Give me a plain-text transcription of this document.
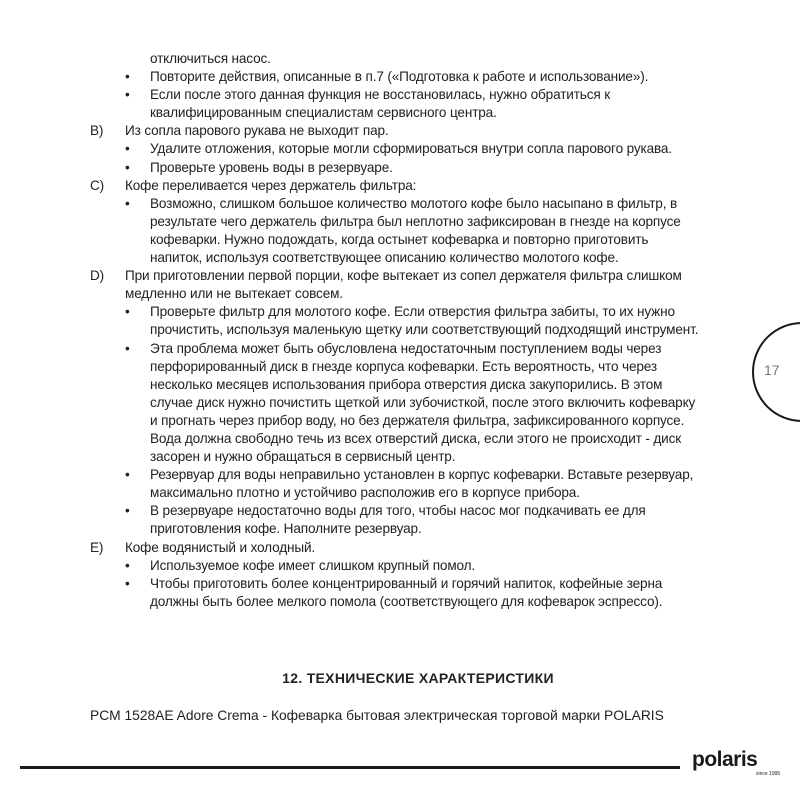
отключиться насос.

• Повторите действия, описанные в п.7 («Подготовка к работе и использование»).
• Если после этого данная функция не восстановилась, нужно обратиться к

квалифицированным специалистам сервисного центра.

B) Из сопла парового рукава не выходит пар.
• Удалите отложения, которые могли сформироваться внутри сопла парового рукава.
• Проверьте уровень воды в резервуаре.
C) Кофе переливается через держатель фильтра:
• Возможно, слишком большое количество молотого кофе было насыпано в фильтр, в

результате чего держатель фильтра был неплотно зафиксирован в гнезде на корпусе

кофеварки. Нужно подождать, когда остынет кофеварка и повторно приготовить

напиток, используя соответствующее описанию количество молотого кофе.

D) При приготовлении первой порции, кофе вытекает из сопел держателя фильтра слишком

медленно или не вытекает совсем.

• Проверьте фильтр для молотого кофе. Если отверстия фильтра забиты, то их нужно

прочистить, используя маленькую щетку или соответствующий подходящий инструмент.

• Эта проблема может быть обусловлена недостаточным поступлением воды через

перфорированный диск в гнезде корпуса кофеварки. Есть вероятность, что через

несколько месяцев использования прибора отверстия диска закупорились. В этом

случае диск нужно почистить щеткой или зубочисткой, после этого включить кофеварку

и прогнать через прибор воду, но без держателя фильтра, зафиксированного корпусе.

Вода должна свободно течь из всех отверстий диска, если этого не происходит - диск

засорен и нужно обращаться в сервисный центр.

• Резервуар для воды неправильно установлен в корпус кофеварки. Вставьте резервуар,

максимально плотно и устойчиво расположив его в корпусе прибора.

• В резервуаре недостаточно воды для того, чтобы насос мог подкачивать ее для

приготовления кофе. Наполните резервуар.

E) Кофе водянистый и холодный.
• Используемое кофе имеет слишком крупный помол.
• Чтобы приготовить более концентрированный и горячий напиток, кофейные зерна

должны быть более мелкого помола (соответствующего для кофеварок эспрессо).

12. ТЕХНИЧЕСКИЕ ХАРАКТЕРИСТИКИ
PCM 1528AE Adore Crema - Кофеварка бытовая электрическая торговой марки POLARIS
17
polaris
since 1995
